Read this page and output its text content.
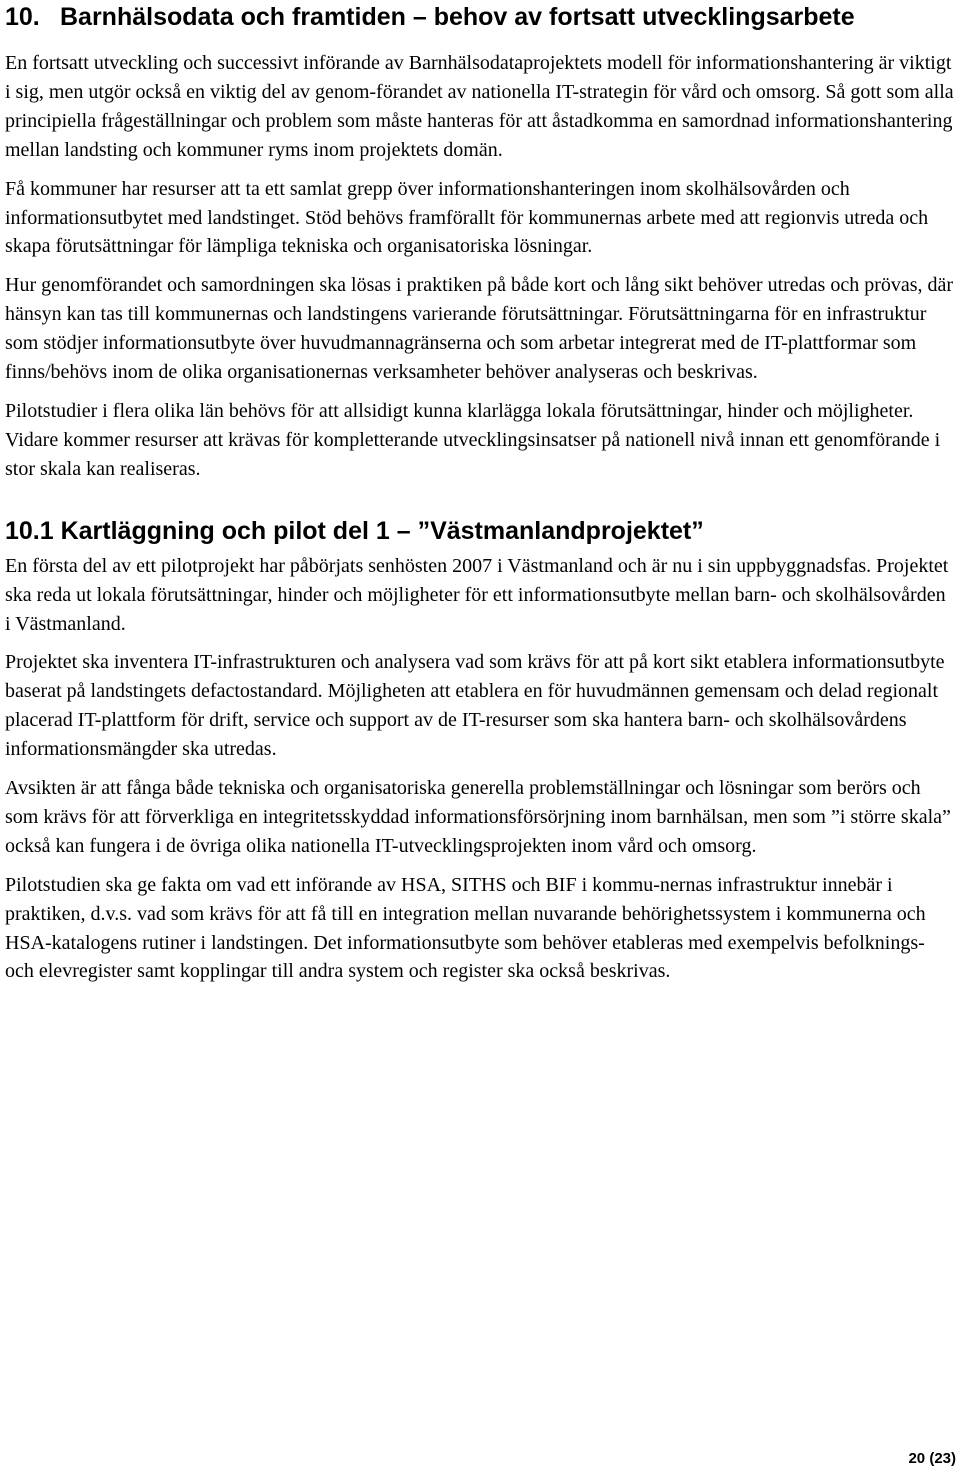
10. Barnhälsodata och framtiden – behov av fortsatt utvecklingsarbete

En fortsatt utveckling och successivt införande av Barnhälsodataprojektets modell för informationshantering är viktigt i sig, men utgör också en viktig del av genom-förandet av nationella IT-strategin för vård och omsorg. Så gott som alla principiella frågeställningar och problem som måste hanteras för att åstadkomma en samordnad informationshantering mellan landsting och kommuner ryms inom projektets domän.

Få kommuner har resurser att ta ett samlat grepp över informationshanteringen inom skolhälsovården och informationsutbytet med landstinget. Stöd behövs framförallt för kommunernas arbete med att regionvis utreda och skapa förutsättningar för lämpliga tekniska och organisatoriska lösningar.

Hur genomförandet och samordningen ska lösas i praktiken på både kort och lång sikt behöver utredas och prövas, där hänsyn kan tas till kommunernas och landstingens varierande förutsättningar. Förutsättningarna för en infrastruktur som stödjer informationsutbyte över huvudmannagränserna och som arbetar integrerat med de IT-plattformar som finns/behövs inom de olika organisationernas verksamheter behöver analyseras och beskrivas.

Pilotstudier i flera olika län behövs för att allsidigt kunna klarlägga lokala förutsättningar, hinder och möjligheter. Vidare kommer resurser att krävas för kompletterande utvecklingsinsatser på nationell nivå innan ett genomförande i stor skala kan realiseras.

10.1 Kartläggning och pilot del 1 – ”Västmanlandprojektet”

En första del av ett pilotprojekt har påbörjats senhösten 2007 i Västmanland och är nu i sin uppbyggnadsfas. Projektet ska reda ut lokala förutsättningar, hinder och möjligheter för ett informationsutbyte mellan barn- och skolhälsovården i Västmanland.

Projektet ska inventera IT-infrastrukturen och analysera vad som krävs för att på kort sikt etablera informationsutbyte baserat på landstingets defactostandard. Möjligheten att etablera en för huvudmännen gemensam och delad regionalt placerad IT-plattform för drift, service och support av de IT-resurser som ska hantera barn- och skolhälsovårdens informationsmängder ska utredas.

Avsikten är att fånga både tekniska och organisatoriska generella problemställningar och lösningar som berörs och som krävs för att förverkliga en integritetsskyddad informationsförsörjning inom barnhälsan, men som ”i större skala” också kan fungera i de övriga olika nationella IT-utvecklingsprojekten inom vård och omsorg.

Pilotstudien ska ge fakta om vad ett införande av HSA, SITHS och BIF i kommu-nernas infrastruktur innebär i praktiken, d.v.s. vad som krävs för att få till en integration mellan nuvarande behörighetssystem i kommunerna och HSA-katalogens rutiner i landstingen. Det informationsutbyte som behöver etableras med exempelvis befolknings- och elevregister samt kopplingar till andra system och register ska också beskrivas.

20 (23)
